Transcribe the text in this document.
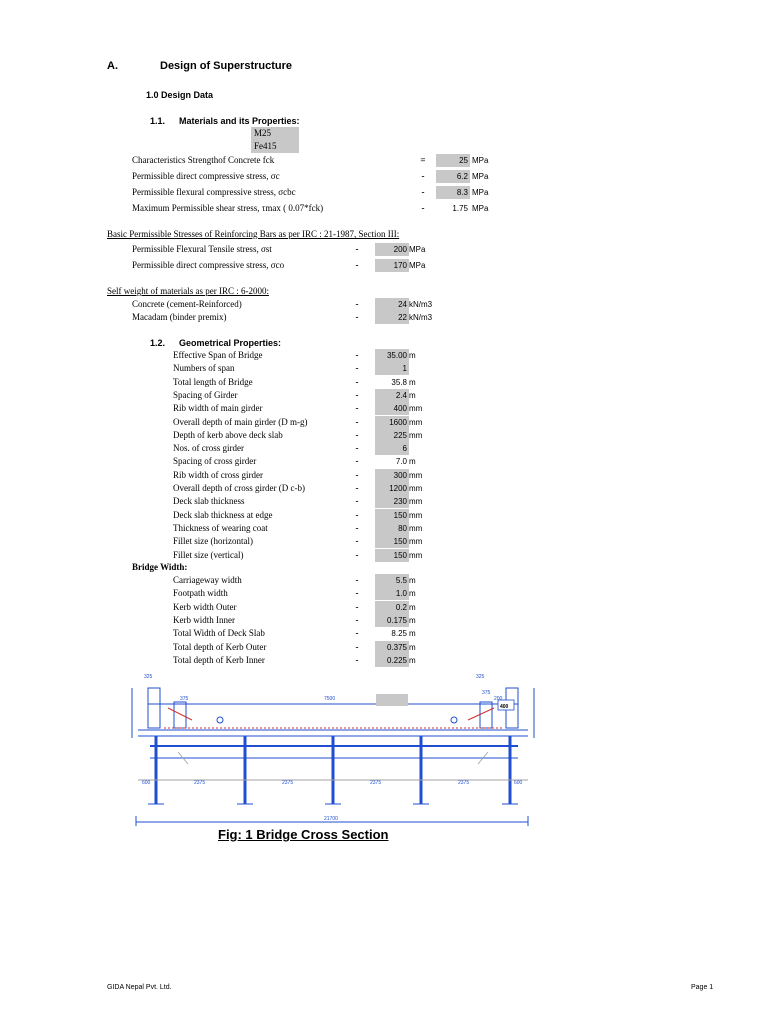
A.	Design of Superstructure
1.0 Design Data
1.1. Materials and its Properties:
M25
Fe415
Characteristics Strengthof Concrete fck	=	25 MPa
Permissible direct compressive stress, σc	-	6.2 MPa
Permissible flexural compressive stress, σcbc	-	8.3 MPa
Maximum Permissible shear stress, τmax ( 0.07*fck)	-	1.75 MPa
Basic Permissible Stresses of Reinforcing Bars as per IRC : 21-1987, Section III:
Permissible Flexural Tensile stress, σst	-	200 MPa
Permissible direct compressive stress, σco	-	170 MPa
Self weight of materials as per IRC : 6-2000:
Concrete (cement-Reinforced)	-	24 kN/m3
Macadam (binder premix)	-	22 kN/m3
1.2. Geometrical Properties:
Effective Span of Bridge	-	35.00 m
Numbers of span	-	1
Total length of Bridge	-	35.8 m
Spacing of Girder	-	2.4 m
Rib width of main girder	-	400 mm
Overall depth of main girder (D m-g)	-	1600 mm
Depth of kerb above deck slab	-	225 mm
Nos. of cross girder	-	6
Spacing of cross girder	-	7.0 m
Rib width of cross girder	-	300 mm
Overall depth of cross girder (D c-b)	-	1200 mm
Deck slab thickness	-	230 mm
Deck slab thickness at edge	-	150 mm
Thickness of wearing coat	-	80 mm
Fillet size (horizontal)	-	150 mm
Fillet size (vertical)	-	150 mm
Bridge Width:
Carriageway width	-	5.5 m
Footpath width	-	1.0 m
Kerb width Outer	-	0.2 m
Kerb width Inner	-	0.175 m
Total Width of Deck Slab	-	8.25 m
Total depth of Kerb Outer	-	0.375 m
Total depth of Kerb Inner	-	0.225 m
325
7500
325
375
375
200
400
600	2375	2375	2375	2375	600
21700
Fig: 1 Bridge Cross Section
GIDA Nepal Pvt. Ltd.	Page 1
